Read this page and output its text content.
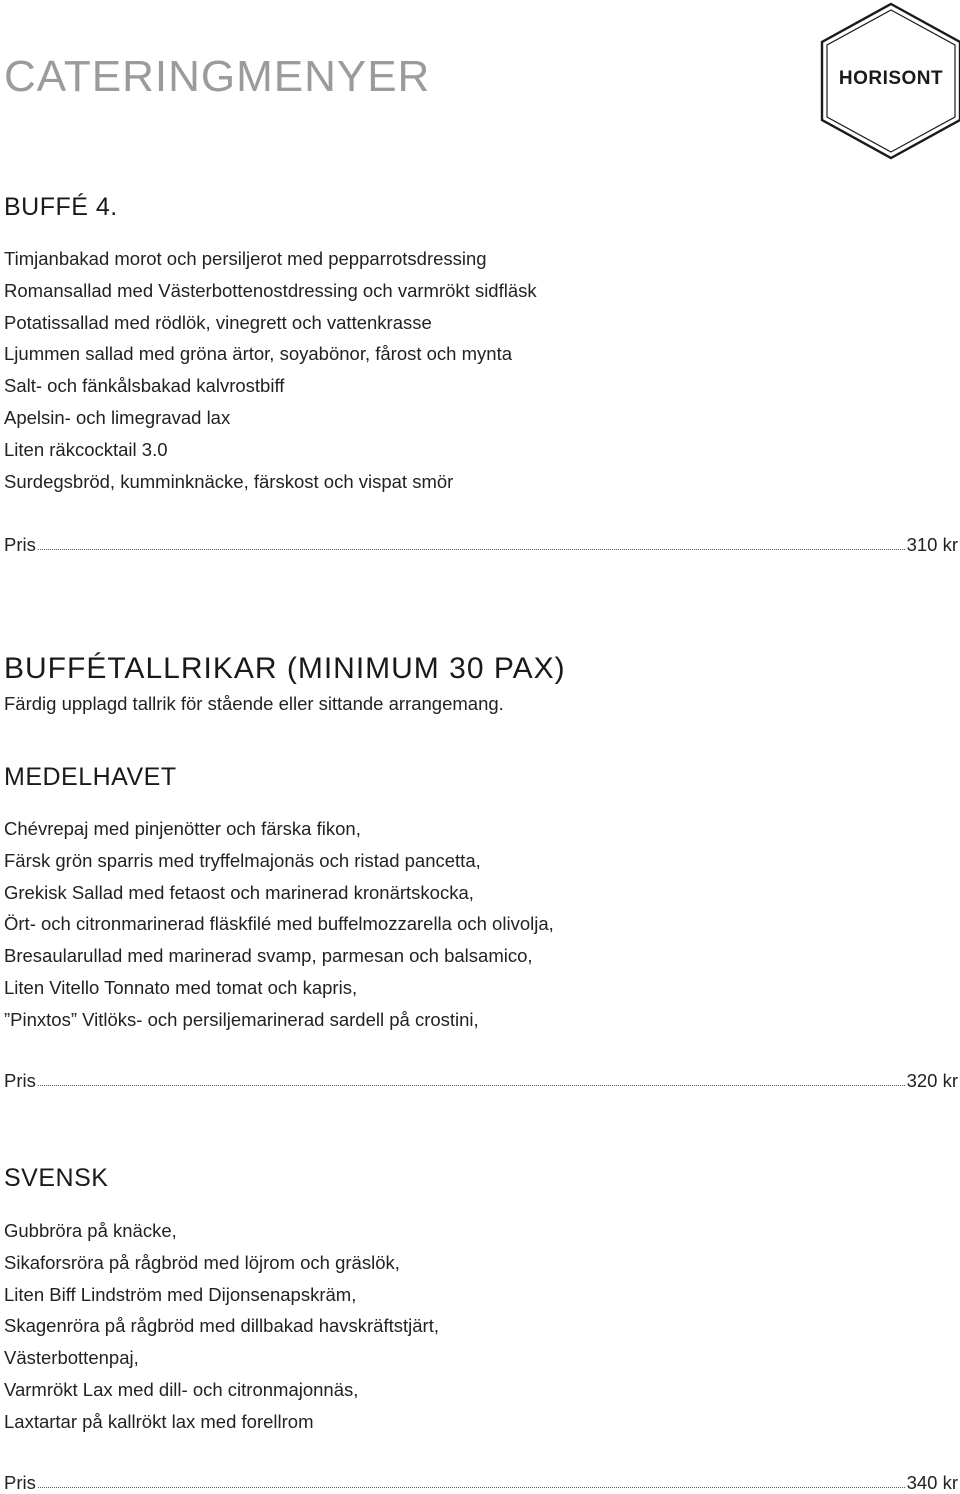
CATERINGMENYER	HORISONT
BUFFÉ 4.
Timjanbakad morot och persiljerot med pepparrotsdressing
Romansallad med Västerbottenostdressing och varmrökt sidfläsk
Potatissallad med rödlök, vinegrett och vattenkrasse
Ljummen sallad med gröna ärtor, soyabönor, fårost och mynta
Salt- och fänkålsbakad kalvrostbiff
Apelsin- och limegravad lax
Liten räkcocktail 3.0
Surdegsbröd, kumminknäcke, färskost och vispat smör
Pris	310 kr
BUFFÉTALLRIKAR (MINIMUM 30 PAX)
Färdig upplagd tallrik för stående eller sittande arrangemang.
MEDELHAVET
Chévrepaj med pinjenötter och färska fikon,
Färsk grön sparris med tryffelmajonäs och ristad pancetta,
Grekisk Sallad med fetaost och marinerad kronärtskocka,
Ört- och citronmarinerad fläskfilé med buffelmozzarella och olivolja,
Bresaularullad med marinerad svamp, parmesan och balsamico,
Liten Vitello Tonnato med tomat och kapris,
”Pinxtos” Vitlöks- och persiljemarinerad sardell på crostini,
Pris	320 kr
SVENSK
Gubbröra på knäcke,
Sikaforsröra på rågbröd med löjrom och gräslök,
Liten Biff Lindström med Dijonsenapskräm,
Skagenröra på rågbröd med dillbakad havskräftstjärt,
Västerbottenpaj,
Varmrökt Lax med dill- och citronmajonnäs,
Laxtartar på kallrökt lax med forellrom
Pris	340 kr
